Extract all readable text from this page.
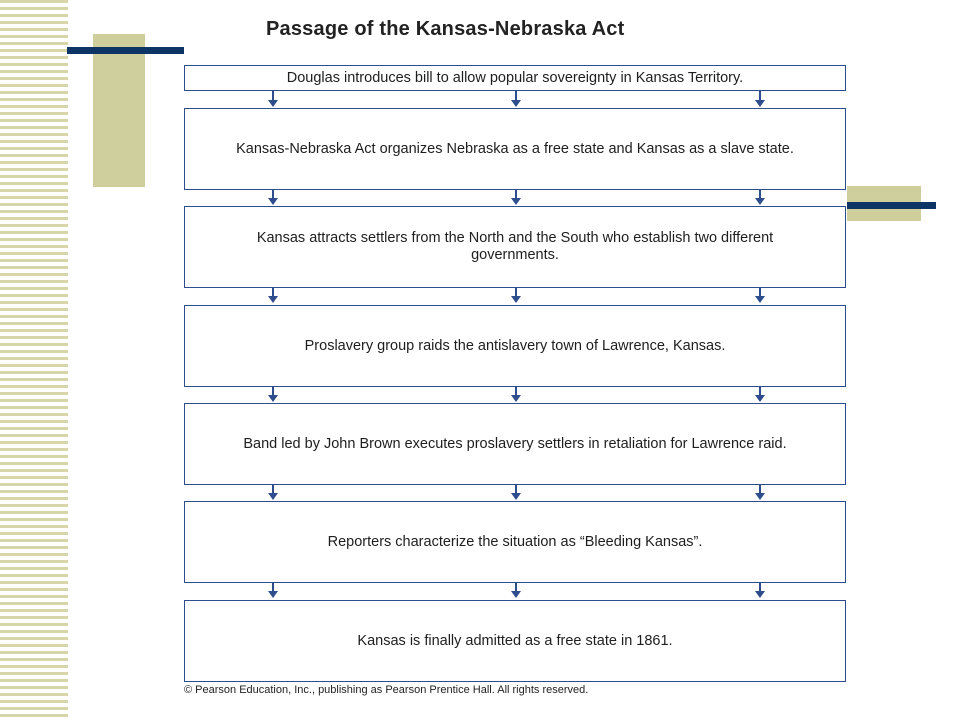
Passage of the Kansas-Nebraska Act
Douglas introduces bill to allow popular sovereignty in Kansas Territory.
Kansas-Nebraska Act organizes Nebraska as a free state and Kansas as a slave state.
Kansas attracts settlers from the North and the South who establish two different governments.
Proslavery group raids the antislavery town of Lawrence, Kansas.
Band led by John Brown executes proslavery settlers in retaliation for Lawrence raid.
Reporters characterize the situation as “Bleeding Kansas”.
Kansas is finally admitted as a free state in 1861.
© Pearson Education, Inc., publishing as Pearson Prentice Hall. All rights reserved.
